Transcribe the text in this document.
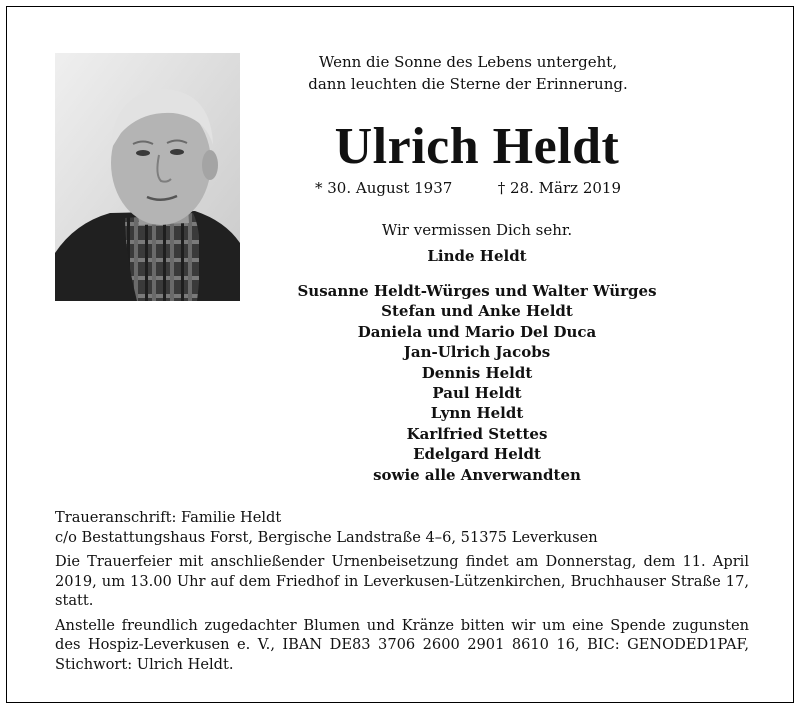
Wenn die Sonne des Lebens untergeht,
dann leuchten die Sterne der Erinnerung.
Ulrich Heldt
* 30. August 1937	† 28. März 2019
Wir vermissen Dich sehr.
Linde Heldt
Susanne Heldt-Würges und Walter Würges
Stefan und Anke Heldt
Daniela und Mario Del Duca
Jan-Ulrich Jacobs
Dennis Heldt
Paul Heldt
Lynn Heldt
Karlfried Stettes
Edelgard Heldt
sowie alle Anverwandten

Traueranschrift: Familie Heldt
c/o Bestattungshaus Forst, Bergische Landstraße 4–6, 51375 Leverkusen

Die Trauerfeier mit anschließender Urnenbeisetzung findet am Donnerstag, dem 11. April 2019, um 13.00 Uhr auf dem Friedhof in Leverkusen-Lützenkirchen, Bruchhauser Straße 17, statt.

Anstelle freundlich zugedachter Blumen und Kränze bitten wir um eine Spende zugunsten des Hospiz-Leverkusen e. V., IBAN DE83 3706 2600 2901 8610 16, BIC: GENODED1PAF, Stichwort: Ulrich Heldt.
